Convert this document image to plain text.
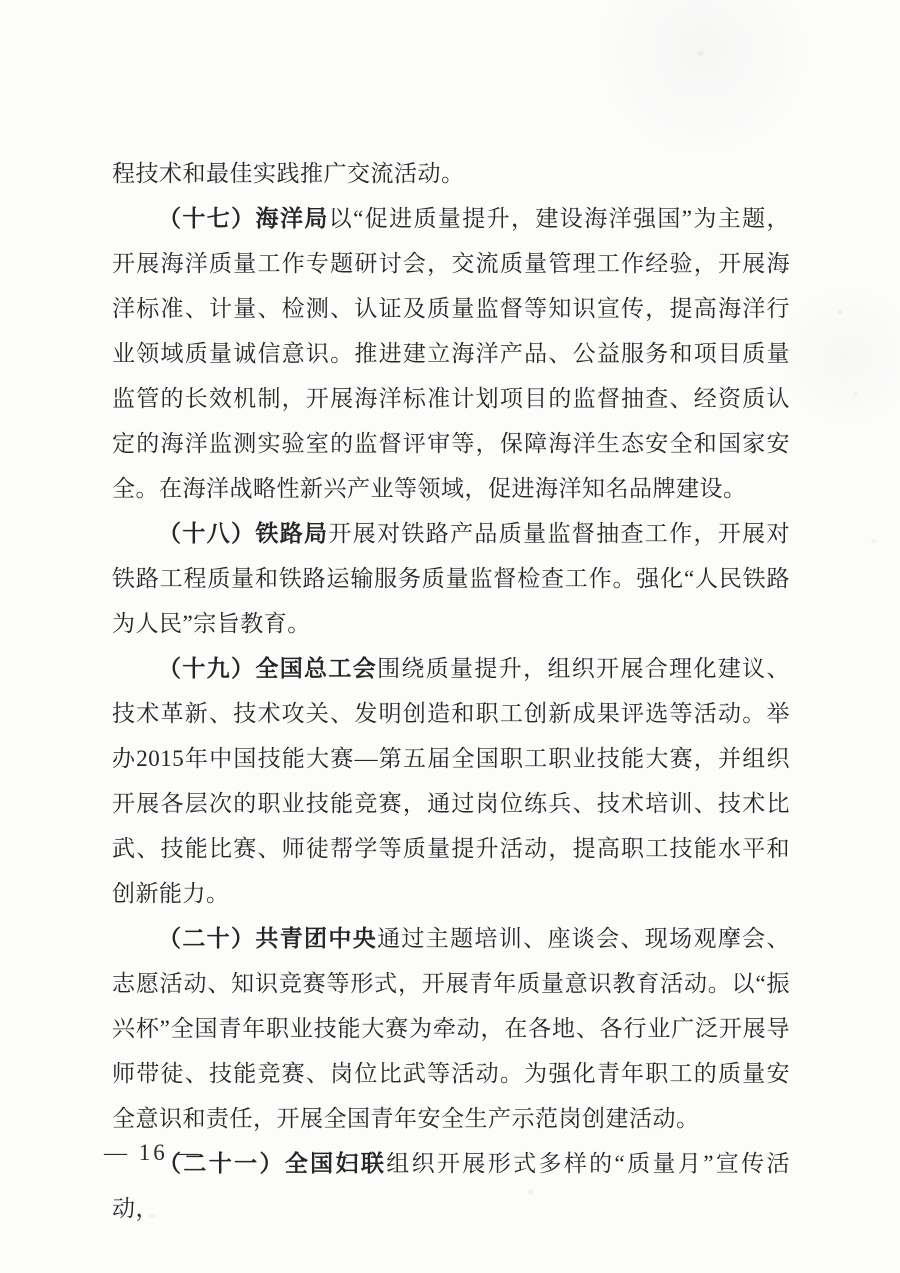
程技术和最佳实践推广交流活动。

（十七）海洋局以“促进质量提升，建设海洋强国”为主题，开展海洋质量工作专题研讨会，交流质量管理工作经验，开展海洋标准、计量、检测、认证及质量监督等知识宣传，提高海洋行业领域质量诚信意识。推进建立海洋产品、公益服务和项目质量监管的长效机制，开展海洋标准计划项目的监督抽查、经资质认定的海洋监测实验室的监督评审等，保障海洋生态安全和国家安全。在海洋战略性新兴产业等领域，促进海洋知名品牌建设。

（十八）铁路局开展对铁路产品质量监督抽查工作，开展对铁路工程质量和铁路运输服务质量监督检查工作。强化“人民铁路为人民”宗旨教育。

（十九）全国总工会围绕质量提升，组织开展合理化建议、技术革新、技术攻关、发明创造和职工创新成果评选等活动。举办2015年中国技能大赛—第五届全国职工职业技能大赛，并组织开展各层次的职业技能竞赛，通过岗位练兵、技术培训、技术比武、技能比赛、师徒帮学等质量提升活动，提高职工技能水平和创新能力。

（二十）共青团中央通过主题培训、座谈会、现场观摩会、志愿活动、知识竞赛等形式，开展青年质量意识教育活动。以“振兴杯”全国青年职业技能大赛为牵动，在各地、各行业广泛开展导师带徒、技能竞赛、岗位比武等活动。为强化青年职工的质量安全意识和责任，开展全国青年安全生产示范岗创建活动。

（二十一）全国妇联组织开展形式多样的“质量月”宣传活动，

— 16 —
